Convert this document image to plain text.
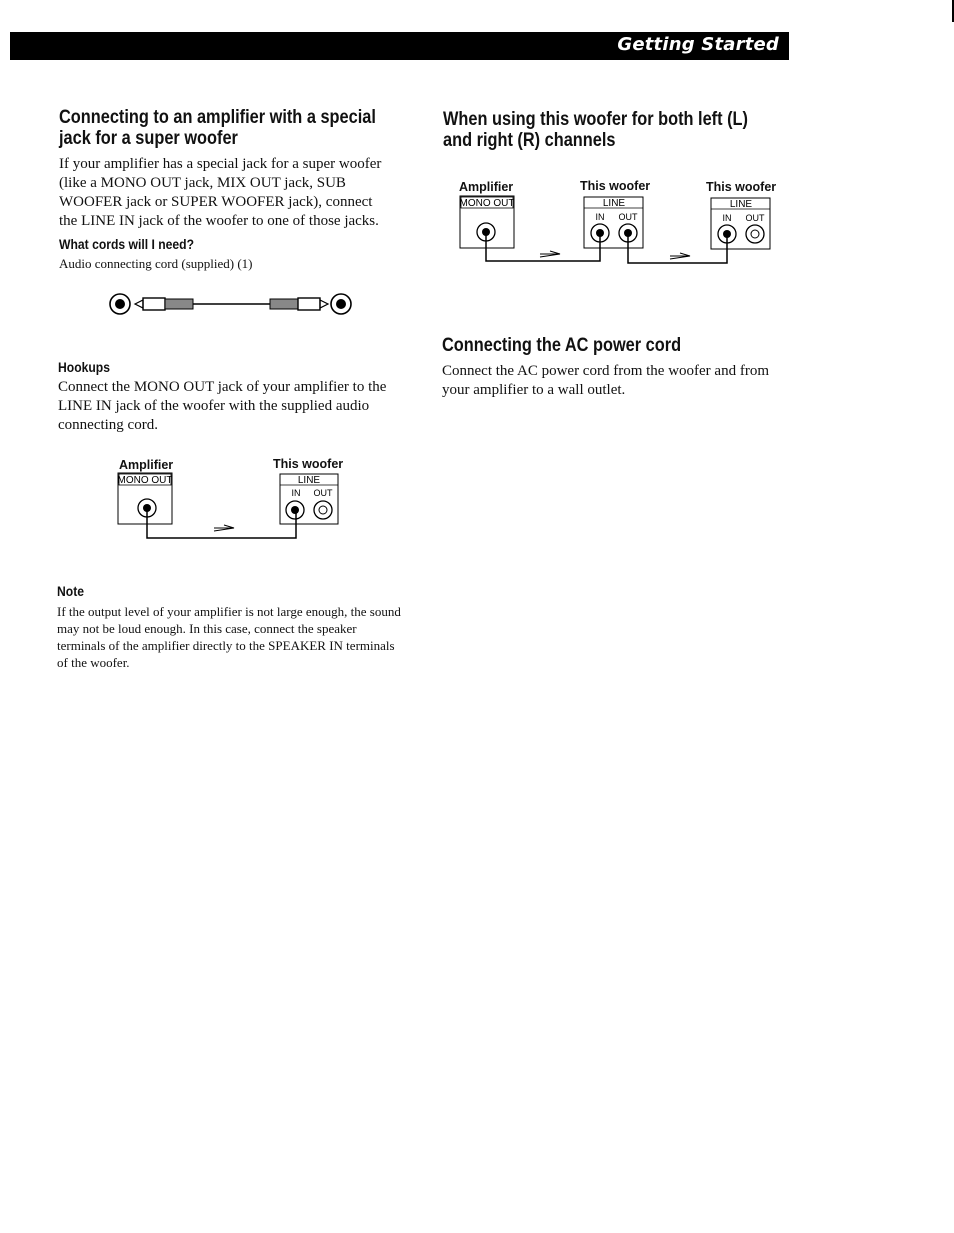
Getting Started
Connecting to an amplifier with a special jack for a super woofer

If your amplifier has a special jack for a super woofer (like a MONO OUT jack, MIX OUT jack, SUB WOOFER jack or SUPER WOOFER jack), connect the LINE IN jack of the woofer to one of those jacks.

What cords will I need?

Audio connecting cord (supplied) (1)

Hookups

Connect the MONO OUT jack of your amplifier to the LINE IN jack of the woofer with the supplied audio connecting cord.

Amplifier	This woofer
MONO OUT	LINE
IN OUT
Note

If the output level of your amplifier is not large enough, the sound may not be loud enough. In this case, connect the speaker terminals of the amplifier directly to the SPEAKER IN terminals of the woofer.

When using this woofer for both left (L) and right (R) channels
Amplifier	This woofer	This woofer
MONO OUT	LINE
IN OUT
LINE
IN OUT
Connecting the AC power cord

Connect the AC power cord from the woofer and from your amplifier to a wall outlet.
